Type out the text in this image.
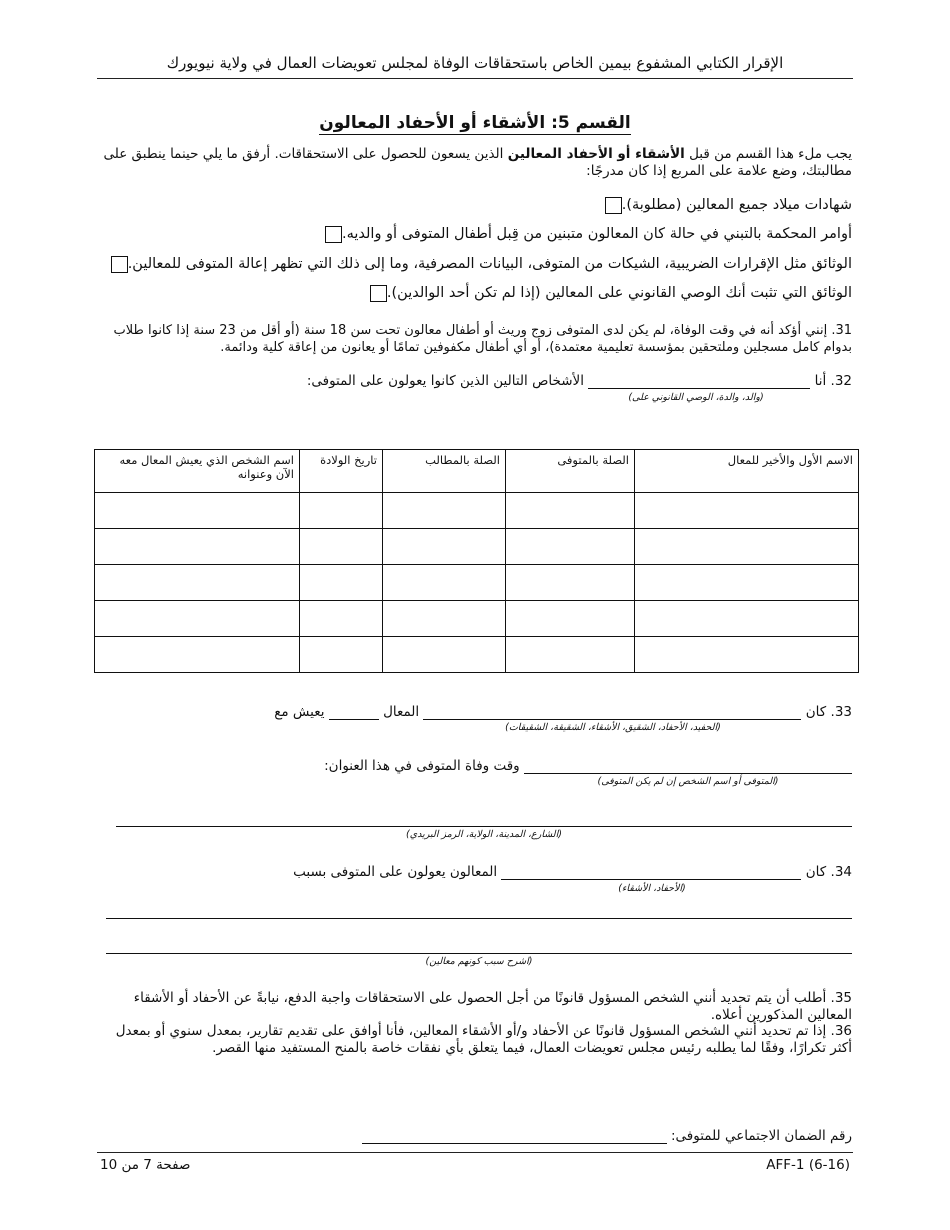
الإقرار الكتابي المشفوع بيمين الخاص باستحقاقات الوفاة لمجلس تعويضات العمال في ولاية نيويورك
القسم 5: الأشقاء أو الأحفاد المعالون
يجب ملء هذا القسم من قبل الأشقاء أو الأحفاد المعالين الذين يسعون للحصول على الاستحقاقات. أرفق ما يلي حينما ينطبق على مطالبتك، وضع علامة على المربع إذا كان مدرجًا:
شهادات ميلاد جميع المعالين (مطلوبة).
أوامر المحكمة بالتبني في حالة كان المعالون متبنين من قِبل أطفال المتوفى أو والديه.
الوثائق مثل الإقرارات الضريبية، الشيكات من المتوفى، البيانات المصرفية، وما إلى ذلك التي تظهر إعالة المتوفى للمعالين.
الوثائق التي تثبت أنك الوصي القانوني على المعالين (إذا لم تكن أحد الوالدين).
31. إنني أؤكد أنه في وقت الوفاة، لم يكن لدى المتوفى زوج وريث أو أطفال معالون تحت سن 18 سنة (أو أقل من 23 سنة إذا كانوا طلاب بدوام كامل مسجلين وملتحقين بمؤسسة تعليمية معتمدة)، أو أي أطفال مكفوفين تمامًا أو يعانون من إعاقة كلية ودائمة.
32. أنا  الأشخاص التالين الذين كانوا يعولون على المتوفى:
(والد، والدة، الوصي القانوني على)
الاسم الأول والأخير للمعال	الصلة بالمتوفى	الصلة بالمطالب	تاريخ الولادة	اسم الشخص الذي يعيش المعال معه الآن وعنوانه

33. كان  المعال  يعيش مع
(الحفيد، الأحفاد، الشقيق، الأشقاء، الشقيقة، الشقيقات)
وقت وفاة المتوفى في هذا العنوان:
(المتوفى أو اسم الشخص إن لم يكن المتوفى)
(الشارع، المدينة، الولاية، الرمز البريدي)
34. كان  المعالون يعولون على المتوفى بسبب
(الأحفاد، الأشقاء)
(اشرح سبب كونهم معالين)
35. أطلب أن يتم تحديد أنني الشخص المسؤول قانونًا من أجل الحصول على الاستحقاقات واجبة الدفع، نيابةً عن الأحفاد أو الأشقاء المعالين المذكورين أعلاه.
36. إذا تم تحديد أنني الشخص المسؤول قانونًا عن الأحفاد و/أو الأشقاء المعالين، فأنا أوافق على تقديم تقارير، بمعدل سنوي أو بمعدل أكثر تكرارًا، وفقًا لما يطلبه رئيس مجلس تعويضات العمال، فيما يتعلق بأي نفقات خاصة بالمنح المستفيد منها القصر.
رقم الضمان الاجتماعي للمتوفى:
صفحة 7 من 10	AFF-1 (6-16)
